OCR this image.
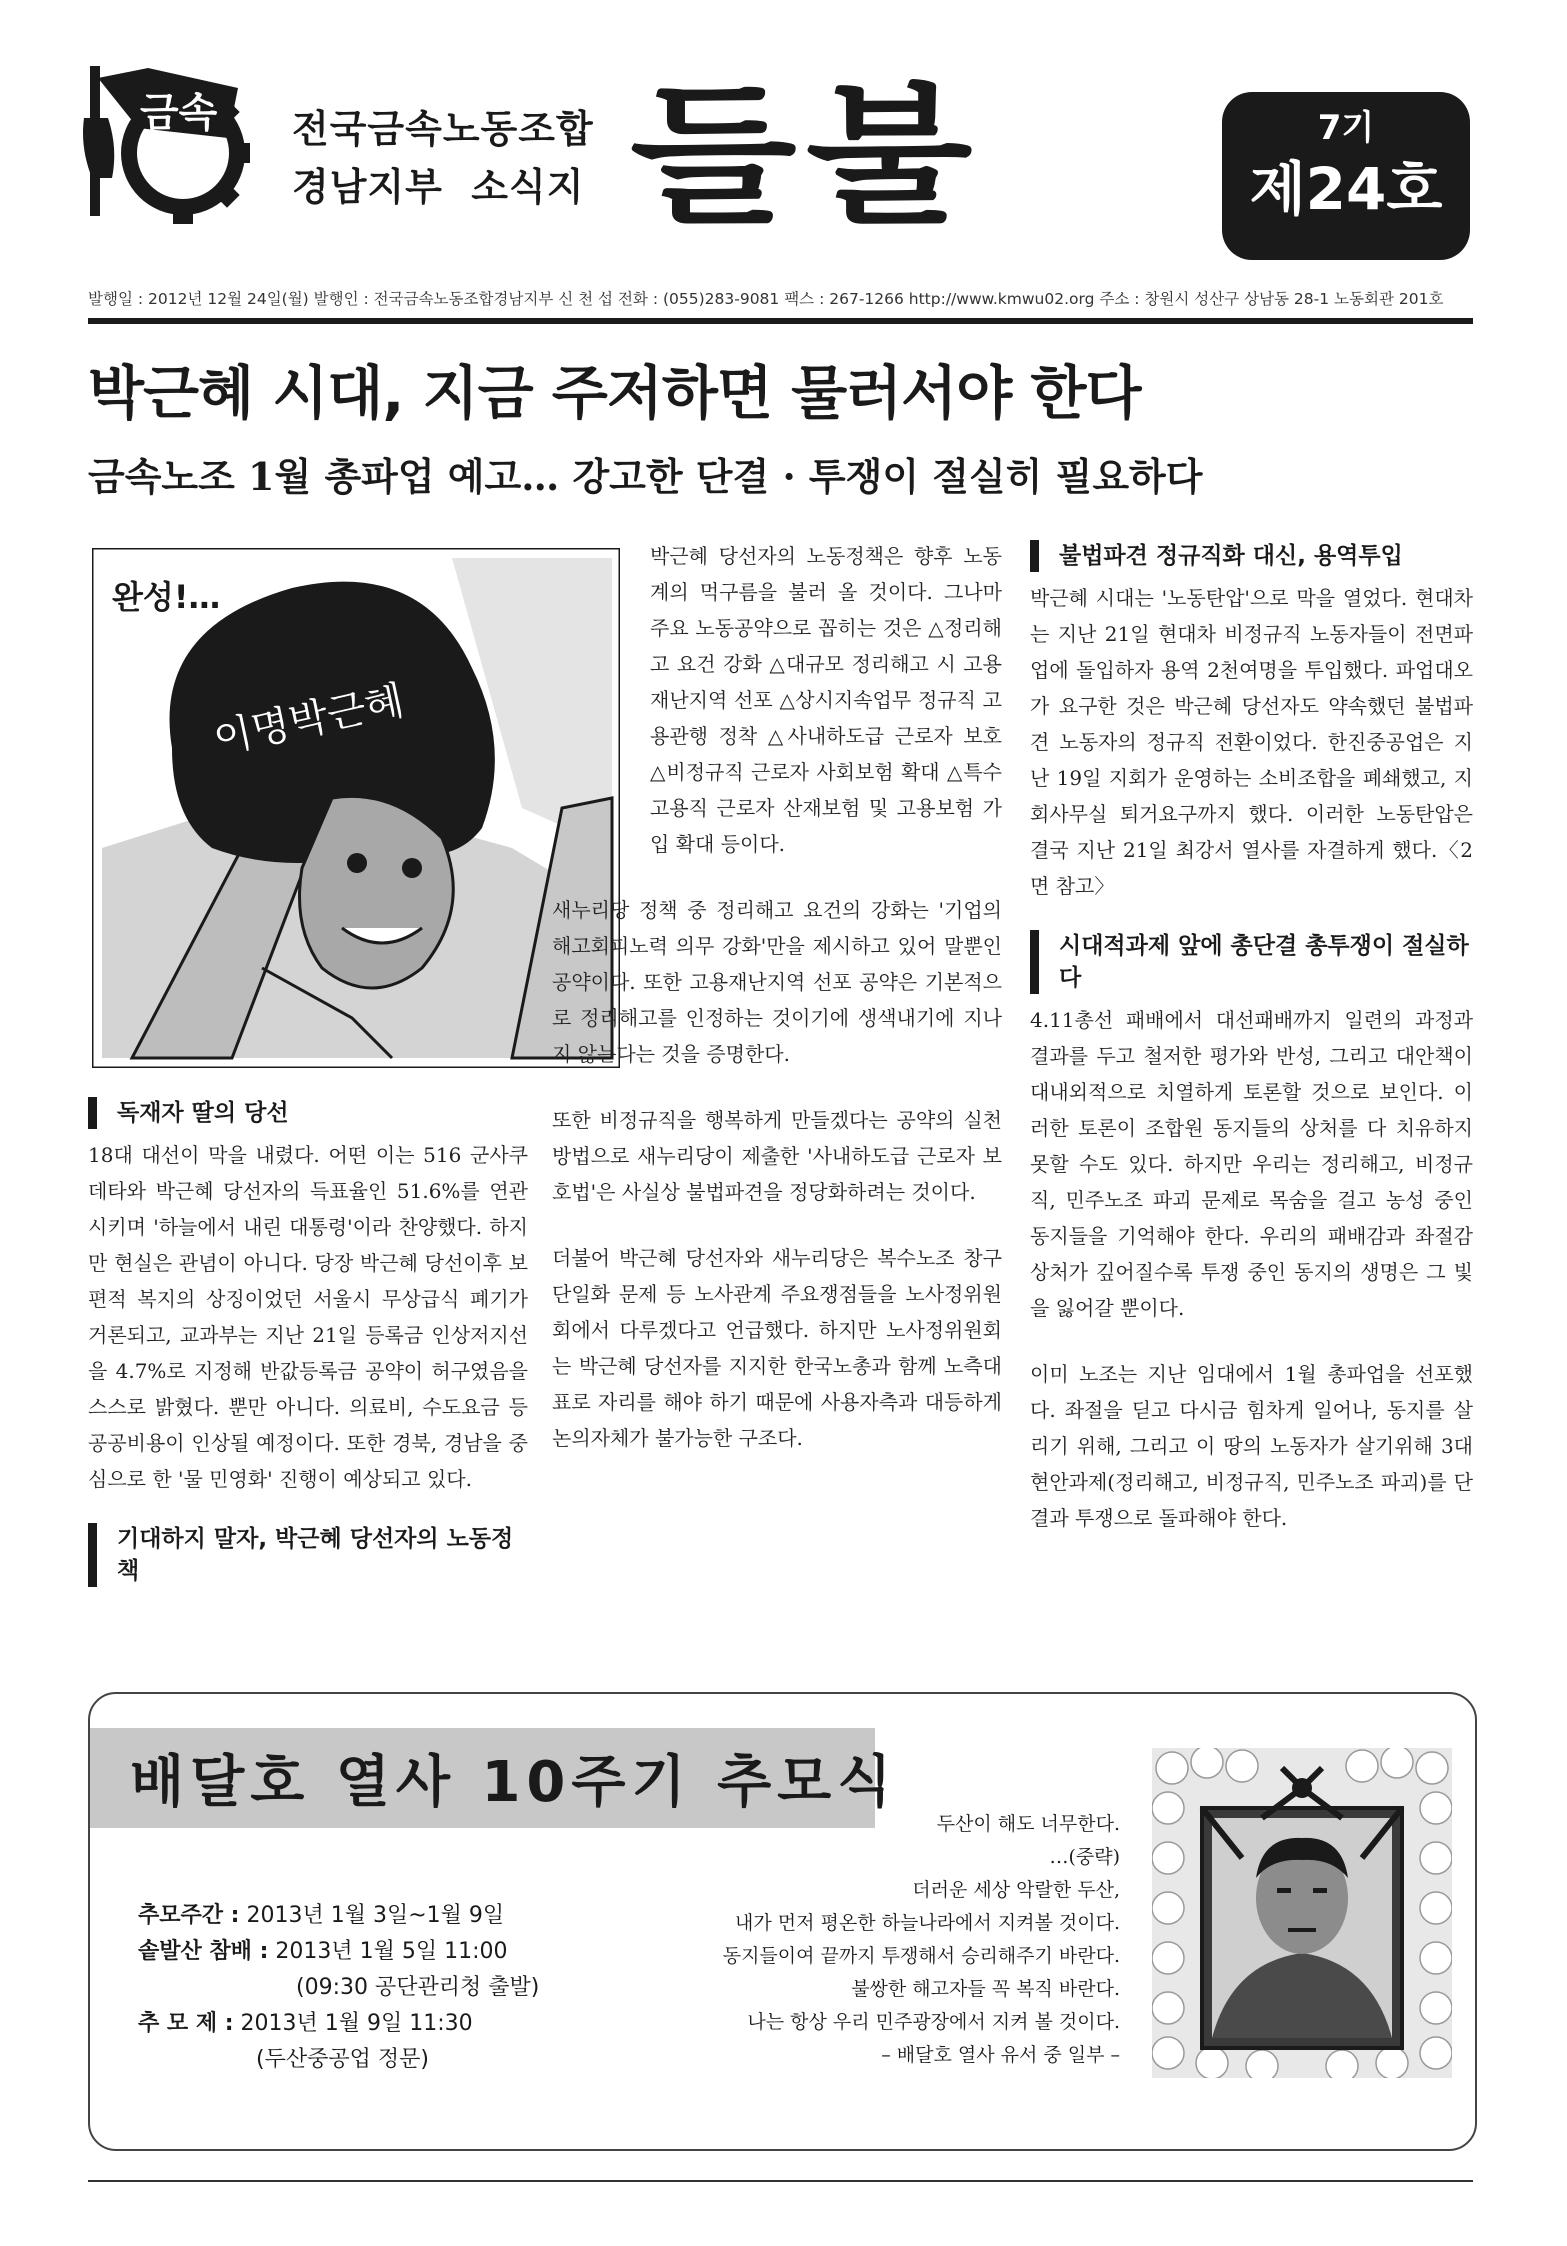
금속 전국금속노동조합
경남지부  소식지 들불	7기
제24호
발행일 : 2012년 12월 24일(월) 발행인 : 전국금속노동조합경남지부 신 천 섭 전화 : (055)283-9081 팩스 : 267-1266 http://www.kmwu02.org 주소 : 창원시 성산구 상남동 28-1 노동회관 201호
박근혜 시대, 지금 주저하면 물러서야 한다
금속노조 1월 총파업 예고… 강고한 단결 · 투쟁이 절실히 필요하다
완성!…
이명박근혜
독재자 딸의 당선
18대 대선이 막을 내렸다. 어떤 이는 516 군사쿠데타와 박근혜 당선자의 득표율인 51.6%를 연관시키며 '하늘에서 내린 대통령'이라 찬양했다. 하지만 현실은 관념이 아니다. 당장 박근혜 당선이후 보편적 복지의 상징이었던 서울시 무상급식 폐기가 거론되고, 교과부는 지난 21일 등록금 인상저지선을 4.7%로 지정해 반값등록금 공약이 허구였음을 스스로 밝혔다. 뿐만 아니다. 의료비, 수도요금 등 공공비용이 인상될 예정이다. 또한 경북, 경남을 중심으로 한 '물 민영화' 진행이 예상되고 있다.
기대하지 말자, 박근혜 당선자의 노동정책
박근혜 당선자의 노동정책은 향후 노동계의 먹구름을 불러 올 것이다. 그나마 주요 노동공약으로 꼽히는 것은 △정리해고 요건 강화 △대규모 정리해고 시 고용재난지역 선포 △상시지속업무 정규직 고용관행 정착 △사내하도급 근로자 보호 △비정규직 근로자 사회보험 확대 △특수고용직 근로자 산재보험 및 고용보험 가입 확대 등이다.
새누리당 정책 중 정리해고 요건의 강화는 '기업의 해고회피노력 의무 강화'만을 제시하고 있어 말뿐인 공약이다. 또한 고용재난지역 선포 공약은 기본적으로 정리해고를 인정하는 것이기에 생색내기에 지나지 않는다는 것을 증명한다.
또한 비정규직을 행복하게 만들겠다는 공약의 실천방법으로 새누리당이 제출한 '사내하도급 근로자 보호법'은 사실상 불법파견을 정당화하려는 것이다.
더불어 박근혜 당선자와 새누리당은 복수노조 창구단일화 문제 등 노사관계 주요쟁점들을 노사정위원회에서 다루겠다고 언급했다. 하지만 노사정위원회는 박근혜 당선자를 지지한 한국노총과 함께 노측대표로 자리를 해야 하기 때문에 사용자측과 대등하게 논의자체가 불가능한 구조다.
불법파견 정규직화 대신, 용역투입
박근혜 시대는 '노동탄압'으로 막을 열었다. 현대차는 지난 21일 현대차 비정규직 노동자들이 전면파업에 돌입하자 용역 2천여명을 투입했다. 파업대오가 요구한 것은 박근혜 당선자도 약속했던 불법파견 노동자의 정규직 전환이었다. 한진중공업은 지난 19일 지회가 운영하는 소비조합을 폐쇄했고, 지회사무실 퇴거요구까지 했다. 이러한 노동탄압은 결국 지난 21일 최강서 열사를 자결하게 했다.〈2면 참고〉
시대적과제 앞에 총단결 총투쟁이 절실하다
4.11총선 패배에서 대선패배까지 일련의 과정과 결과를 두고 철저한 평가와 반성, 그리고 대안책이 대내외적으로 치열하게 토론할 것으로 보인다. 이러한 토론이 조합원 동지들의 상처를 다 치유하지 못할 수도 있다. 하지만 우리는 정리해고, 비정규직, 민주노조 파괴 문제로 목숨을 걸고 농성 중인 동지들을 기억해야 한다. 우리의 패배감과 좌절감 상처가 깊어질수록 투쟁 중인 동지의 생명은 그 빛을 잃어갈 뿐이다.
이미 노조는 지난 임대에서 1월 총파업을 선포했다. 좌절을 딛고 다시금 힘차게 일어나, 동지를 살리기 위해, 그리고 이 땅의 노동자가 살기위해 3대현안과제(정리해고, 비정규직, 민주노조 파괴)를 단결과 투쟁으로 돌파해야 한다.
배달호 열사 10주기 추모식
추모주간 : 2013년 1월 3일~1월 9일
솥발산 참배 : 2013년 1월 5일 11:00
(09:30 공단관리청 출발)
추 모 제 : 2013년 1월 9일 11:30
(두산중공업 정문)
두산이 해도 너무한다.
…(중략)
더러운 세상 악랄한 두산,
내가 먼저 평온한 하늘나라에서 지켜볼 것이다.
동지들이여 끝까지 투쟁해서 승리해주기 바란다.
불쌍한 해고자들 꼭 복직 바란다.
나는 항상 우리 민주광장에서 지켜 볼 것이다.
– 배달호 열사 유서 중 일부 –
